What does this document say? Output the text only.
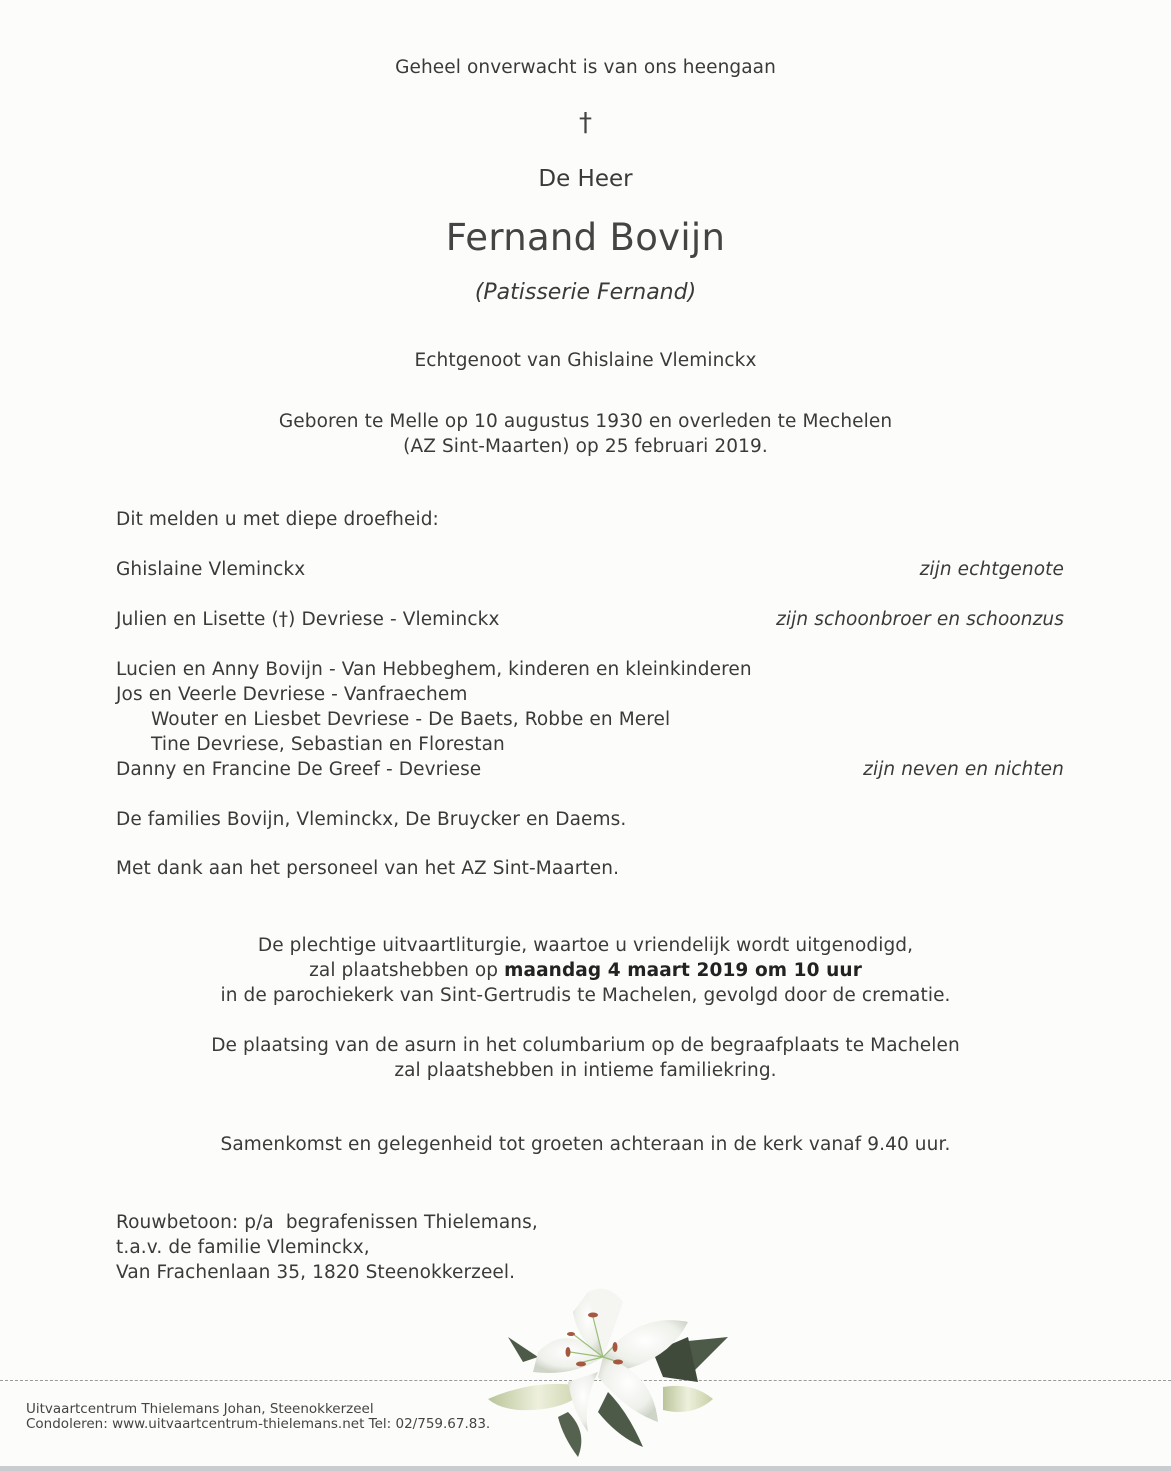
Geheel onverwacht is van ons heengaan
†
De Heer
Fernand Bovijn
(Patisserie Fernand)
Echtgenoot van Ghislaine Vleminckx
Geboren te Melle op 10 augustus 1930 en overleden te Mechelen
(AZ Sint-Maarten) op 25 februari 2019.
Dit melden u met diepe droefheid:
Ghislaine Vleminckx	zijn echtgenote
Julien en Lisette (†) Devriese - Vleminckx	zijn schoonbroer en schoonzus
Lucien en Anny Bovijn - Van Hebbeghem, kinderen en kleinkinderen
Jos en Veerle Devriese - Vanfraechem
Wouter en Liesbet Devriese - De Baets, Robbe en Merel
Tine Devriese, Sebastian en Florestan
Danny en Francine De Greef - Devriese	zijn neven en nichten
De families Bovijn, Vleminckx, De Bruycker en Daems.
Met dank aan het personeel van het AZ Sint-Maarten.
De plechtige uitvaartliturgie, waartoe u vriendelijk wordt uitgenodigd,
zal plaatshebben op maandag 4 maart 2019 om 10 uur
in de parochiekerk van Sint-Gertrudis te Machelen, gevolgd door de crematie.
De plaatsing van de asurn in het columbarium op de begraafplaats te Machelen
zal plaatshebben in intieme familiekring.
Samenkomst en gelegenheid tot groeten achteraan in de kerk vanaf 9.40 uur.
Rouwbetoon: p/a  begrafenissen Thielemans,
t.a.v. de familie Vleminckx,
Van Frachenlaan 35, 1820 Steenokkerzeel.
Uitvaartcentrum Thielemans Johan, Steenokkerzeel
Condoleren: www.uitvaartcentrum-thielemans.net Tel: 02/759.67.83.
